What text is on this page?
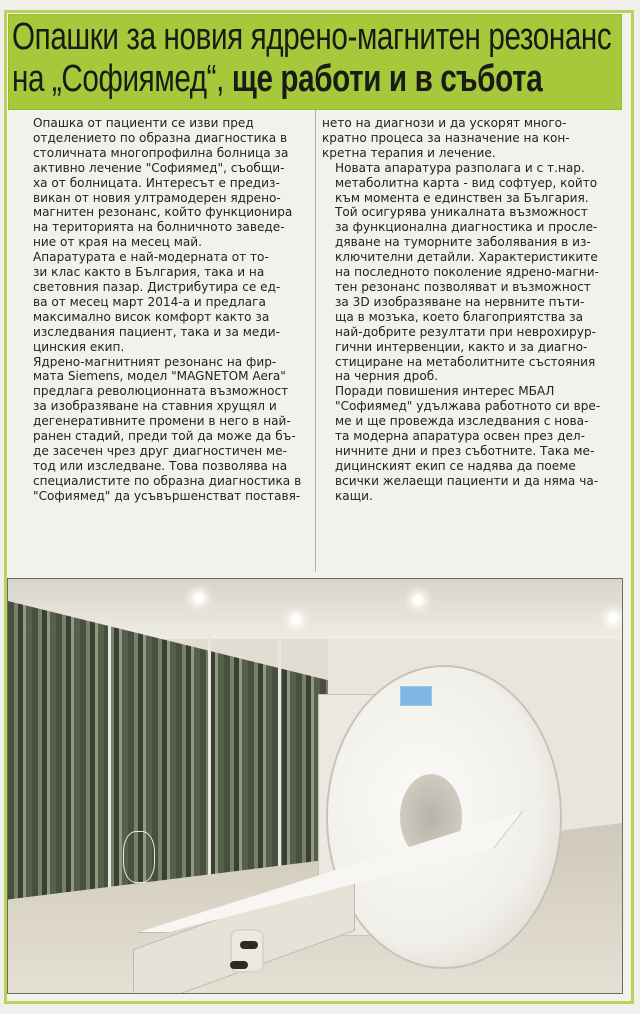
Опашки за новия ядрено-магнитен резонанс
на „Софиямед“, ще работи и в събота

Опашка от пациенти се изви пред
отделението по образна диагностика в
столичната многопрофилна болница за
активно лечение "Софиямед", съобщи-
ха от болницата. Интересът е предиз-
викан от новия ултрамодерен ядрено-
магнитен резонанс, който функционира
на територията на болничното заведе-
ние от края на месец май.

Апаратурата е най-модерната от то-
зи клас както в България, така и на
световния пазар. Дистрибутира се ед-
ва от месец март 2014-а и предлага
максимално висок комфорт както за
изследвания пациент, така и за меди-
цинския екип.

Ядрено-магнитният резонанс на фир-
мата Siemens, модел "MAGNETOM Aera"
предлага революционната възможност
за изобразяване на ставния хрущял и
дегенеративните промени в него в най-
ранен стадий, преди той да може да бъ-
де засечен чрез друг диагностичен ме-
тод или изследване. Това позволява на
специалистите по образна диагностика в
"Софиямед" да усъвършенстват поставя-

нето на диагнози и да ускорят много-
кратно процеса за назначение на кон-
кретна терапия и лечение.

Новата апаратура разполага и с т.нар.
метаболитна карта - вид софтуер, който
към момента е единствен за България.
Той осигурява уникалната възможност
за функционална диагностика и просле-
дяване на туморните заболявания в из-
ключителни детайли. Характеристиките
на последното поколение ядрено-магни-
тен резонанс позволяват и възможност
за 3D изобразяване на нервните пъти-
ща в мозъка, което благоприятства за
най-добрите резултати при неврохирур-
гични интервенции, както и за диагно-
стициране на метаболитните състояния
на черния дроб.

Поради повишения интерес МБАЛ
"Софиямед" удължава работното си вре-
ме и ще провежда изследвания с нова-
та модерна апаратура освен през дел-
ничните дни и през съботните. Така ме-
дицинският екип се надява да поеме
всички желаещи пациенти и да няма ча-
кащи.
